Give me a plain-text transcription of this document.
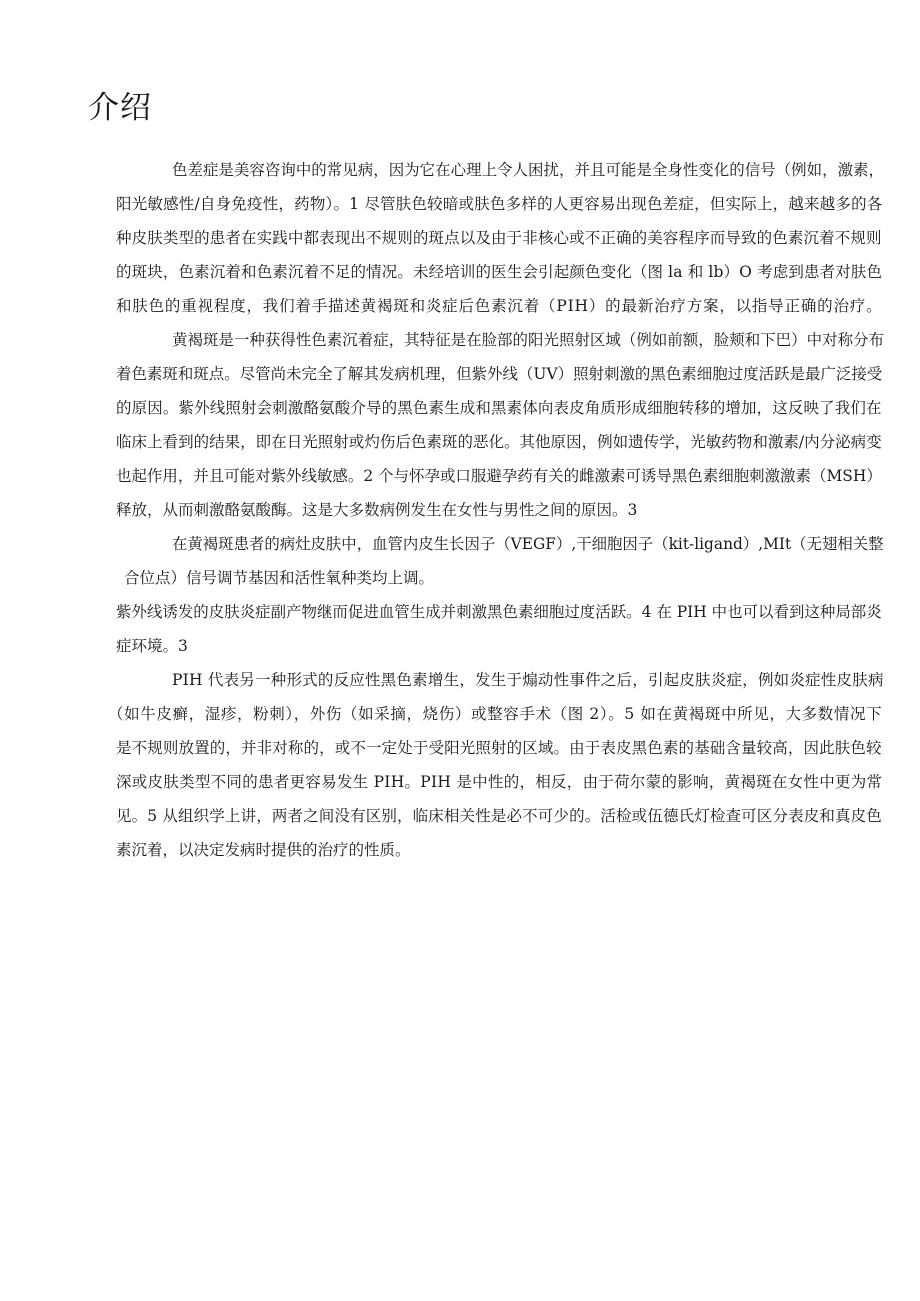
介绍

色差症是美容咨询中的常见病，因为它在心理上令人困扰，并且可能是全身性变化的信号（例如，激素，

阳光敏感性/自身免疫性，药物）。1 尽管肤色较暗或肤色多样的人更容易出现色差症，但实际上，越来越多的各

种皮肤类型的患者在实践中都表现出不规则的斑点以及由于非核心或不正确的美容程序而导致的色素沉着不规则

的斑块，色素沉着和色素沉着不足的情况。未经培训的医生会引起颜色变化（图 la 和 lb）O 考虑到患者对肤色

和肤色的重视程度，我们着手描述黄褐斑和炎症后色素沉着（PIH）的最新治疗方案，以指导正确的治疗。

黄褐斑是一种获得性色素沉着症，其特征是在脸部的阳光照射区域（例如前额，脸颊和下巴）中对称分布

着色素斑和斑点。尽管尚未完全了解其发病机理，但紫外线（UV）照射刺激的黑色素细胞过度活跃是最广泛接受

的原因。紫外线照射会刺激酪氨酸介导的黑色素生成和黑素体向表皮角质形成细胞转移的增加，这反映了我们在

临床上看到的结果，即在日光照射或灼伤后色素斑的恶化。其他原因，例如遗传学，光敏药物和激素/内分泌病变

也起作用，并且可能对紫外线敏感。2 个与怀孕或口服避孕药有关的雌激素可诱导黑色素细胞刺激激素（MSH）

释放，从而刺激酪氨酸酶。这是大多数病例发生在女性与男性之间的原因。3

在黄褐斑患者的病灶皮肤中，血管内皮生长因子（VEGF）,干细胞因子（kit-ligand）,MIt（无翅相关整

合位点）信号调节基因和活性氧种类均上调。

紫外线诱发的皮肤炎症副产物继而促进血管生成并刺激黑色素细胞过度活跃。4 在 PIH 中也可以看到这种局部炎

症环境。3

PIH 代表另一种形式的反应性黑色素增生，发生于煽动性事件之后，引起皮肤炎症，例如炎症性皮肤病

（如牛皮癣，湿疹，粉刺），外伤（如采摘，烧伤）或整容手术（图 2）。5 如在黄褐斑中所见，大多数情况下

是不规则放置的，并非对称的，或不一定处于受阳光照射的区域。由于表皮黑色素的基础含量较高，因此肤色较

深或皮肤类型不同的患者更容易发生 PIH。PIH 是中性的，相反，由于荷尔蒙的影响，黄褐斑在女性中更为常

见。5 从组织学上讲，两者之间没有区别，临床相关性是必不可少的。活检或伍德氏灯检查可区分表皮和真皮色

素沉着，以决定发病时提供的治疗的性质。
